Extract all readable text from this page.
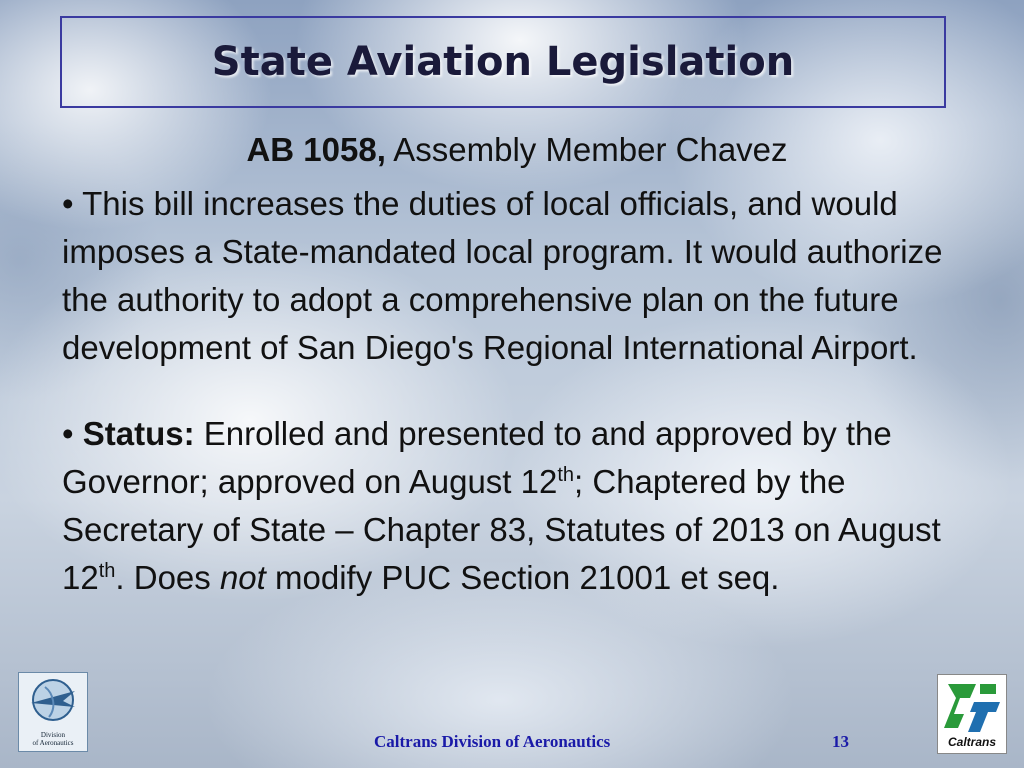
State Aviation Legislation

AB 1058, Assembly Member Chavez

• This bill increases the duties of local officials, and would imposes a State-mandated local program. It would authorize the authority to adopt a comprehensive plan on the future development of San Diego's Regional International Airport.

• Status: Enrolled and presented to and approved by the Governor; approved on August 12th; Chaptered by the Secretary of State – Chapter 83, Statutes of 2013 on August 12th. Does not modify PUC Section 21001 et seq.

Division
of Aeronautics	Caltrans Division of Aeronautics	13	Caltrans
